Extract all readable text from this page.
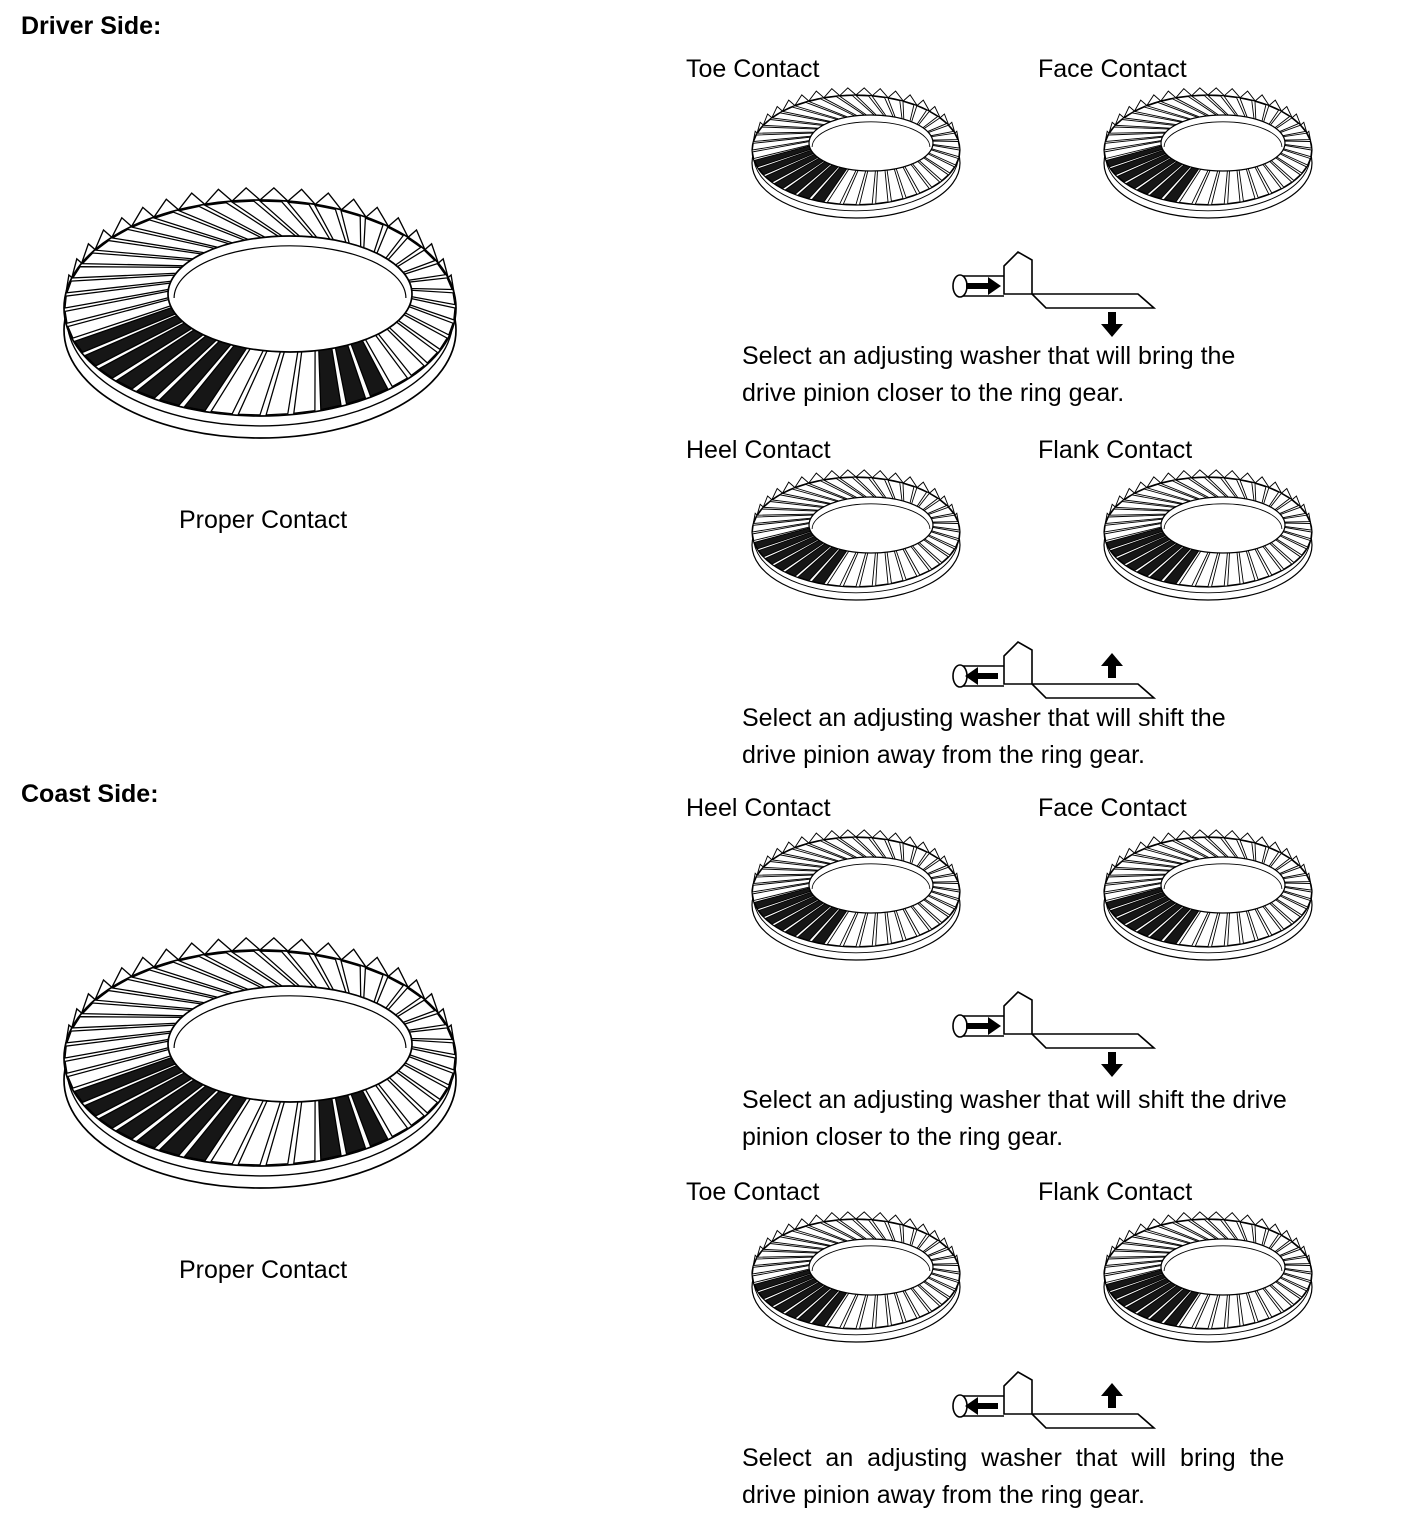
Driver Side:
Proper Contact
Toe Contact	Face Contact
Select an adjusting washer that will bring the
drive pinion closer to the ring gear.
Heel Contact	Flank Contact
Select an adjusting washer that will shift the
drive pinion away from the ring gear.
Coast Side:
Proper Contact
Heel Contact	Face Contact
Select an adjusting washer that will shift the drive
pinion closer to the ring gear.
Toe Contact	Flank Contact
Select an adjusting washer that will bring the
drive pinion away from the ring gear.
